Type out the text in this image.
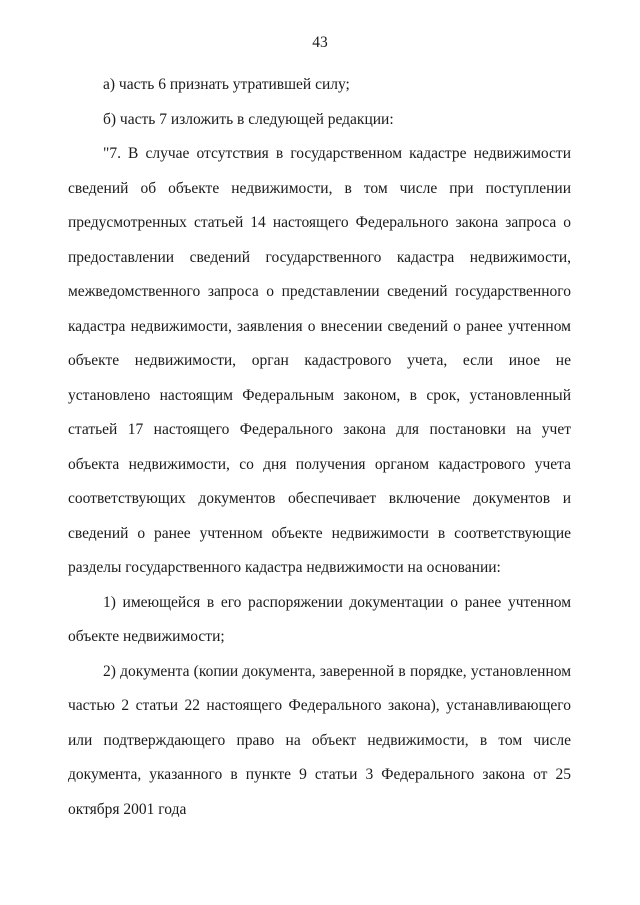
43

а) часть 6 признать утратившей силу;

б) часть 7 изложить в следующей редакции:

"7. В случае отсутствия в государственном кадастре недвижимости сведений об объекте недвижимости, в том числе при поступлении предусмотренных статьей 14 настоящего Федерального закона запроса о предоставлении сведений государственного кадастра недвижимости, межведомственного запроса о представлении сведений государственного кадастра недвижимости, заявления о внесении сведений о ранее учтенном объекте недвижимости, орган кадастрового учета, если иное не установлено настоящим Федеральным законом, в срок, установленный статьей 17 настоящего Федерального закона для постановки на учет объекта недвижимости, со дня получения органом кадастрового учета соответствующих документов обеспечивает включение документов и сведений о ранее учтенном объекте недвижимости в соответствующие разделы государственного кадастра недвижимости на основании:

1) имеющейся в его распоряжении документации о ранее учтенном объекте недвижимости;

2) документа (копии документа, заверенной в порядке, установленном частью 2 статьи 22 настоящего Федерального закона), устанавливающего или подтверждающего право на объект недвижимости, в том числе документа, указанного в пункте 9 статьи 3 Федерального закона от 25 октября 2001 года
